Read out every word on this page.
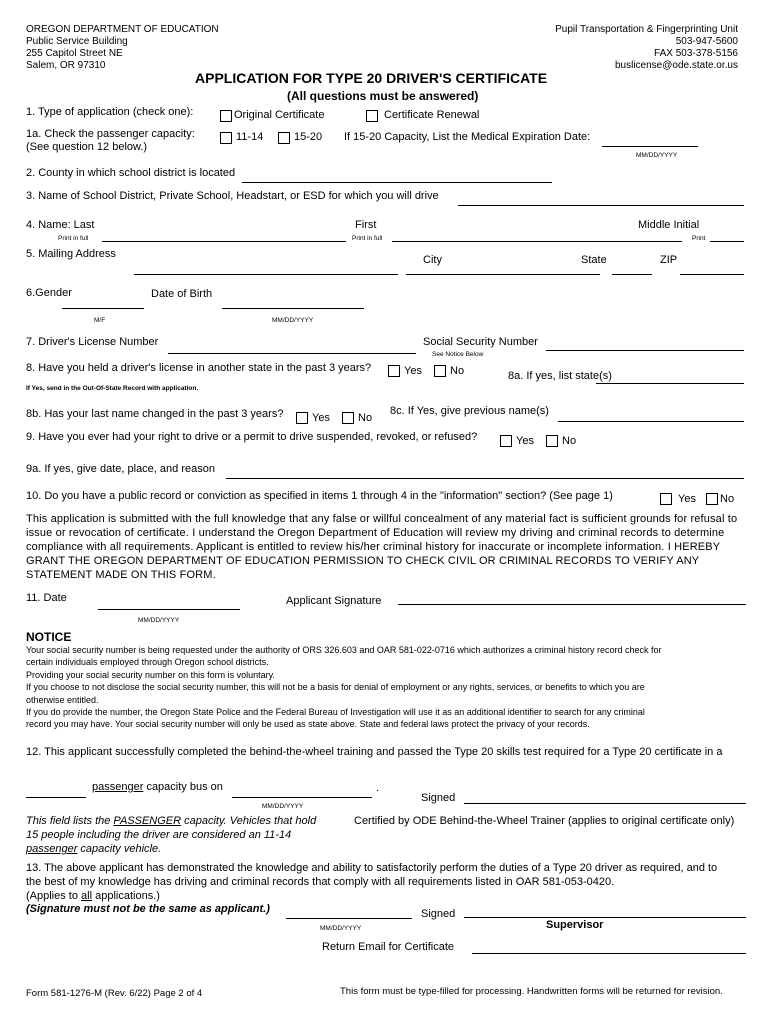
OREGON DEPARTMENT OF EDUCATION
Public Service Building
255 Capitol Street NE
Salem, OR 97310
Pupil Transportation & Fingerprinting Unit
503-947-5600
FAX 503-378-5156
buslicense@ode.state.or.us
APPLICATION FOR TYPE 20 DRIVER'S CERTIFICATE
(All questions must be answered)
1. Type of application (check one):	Original Certificate	Certificate Renewal
1a. Check the passenger capacity:
(See question 12 below.)
11-14	15-20 If 15-20 Capacity, List the Medical Expiration Date:
MM/DD/YYYY
2. County in which school district is located
3. Name of School District, Private School, Headstart, or ESD for which you will drive
4. Name: Last	First	Middle Initial
Print in full	Print in full	Print
5. Mailing Address	City	State	ZIP
6.Gender	Date of Birth
M/F	MM/DD/YYYY
7. Driver's License Number	Social Security Number
See Notice Below
8. Have you held a driver's license in another state in the past 3 years?	Yes	No	8a. If yes, list state(s)
If Yes, send in the Out-Of-State Record with application.
8b. Has your last name changed in the past 3 years?	Yes	No
8c. If Yes, give previous name(s)
9. Have you ever had your right to drive or a permit to drive suspended, revoked, or refused?	Yes	No
9a. If yes, give date, place, and reason
10. Do you have a public record or conviction as specified in items 1 through 4 in the "information" section? (See page 1)	Yes No
This application is submitted with the full knowledge that any false or willful concealment of any material fact is sufficient grounds for refusal to
issue or revocation of certificate. I understand the Oregon Department of Education will review my driving and criminal records to determine
compliance with all requirements. Applicant is entitled to review his/her criminal history for inaccurate or incomplete information. I HEREBY
GRANT THE OREGON DEPARTMENT OF EDUCATION PERMISSION TO CHECK CIVIL OR CRIMINAL RECORDS TO VERIFY ANY
STATEMENT MADE ON THIS FORM.
11. Date	Applicant Signature
MM/DD/YYYY
NOTICE
Your social security number is being requested under the authority of ORS 326.603 and OAR 581-022-0716 which authorizes a criminal history record check for
certain individuals employed through Oregon school districts.
Providing your social security number on this form is voluntary.
If you choose to not disclose the social security number, this will not be a basis for denial of employment or any rights, services, or benefits to which you are
otherwise entitled.
If you do provide the number, the Oregon State Police and the Federal Bureau of Investigation will use it as an additional identifier to search for any criminal
record you may have. Your social security number will only be used as state above. State and federal laws protect the privacy of your records.
12. This applicant successfully completed the behind-the-wheel training and passed the Type 20 skills test required for a Type 20 certificate in a
passenger capacity bus on	.
MM/DD/YYYY
Signed
This field lists the PASSENGER capacity. Vehicles that hold
15 people including the driver are considered an 11-14
passenger capacity vehicle.
Certified by ODE Behind-the-Wheel Trainer (applies to original certificate only)
13. The above applicant has demonstrated the knowledge and ability to satisfactorily perform the duties of a Type 20 driver as required, and to
the best of my knowledge has driving and criminal records that comply with all requirements listed in OAR 581-053-0420.
(Applies to all applications.)
(Signature must not be the same as applicant.)
MM/DD/YYYY
Signed
Supervisor
Return Email for Certificate
Form 581-1276-M (Rev. 6/22) Page 2 of 4	This form must be type-filled for processing. Handwritten forms will be returned for revision.
